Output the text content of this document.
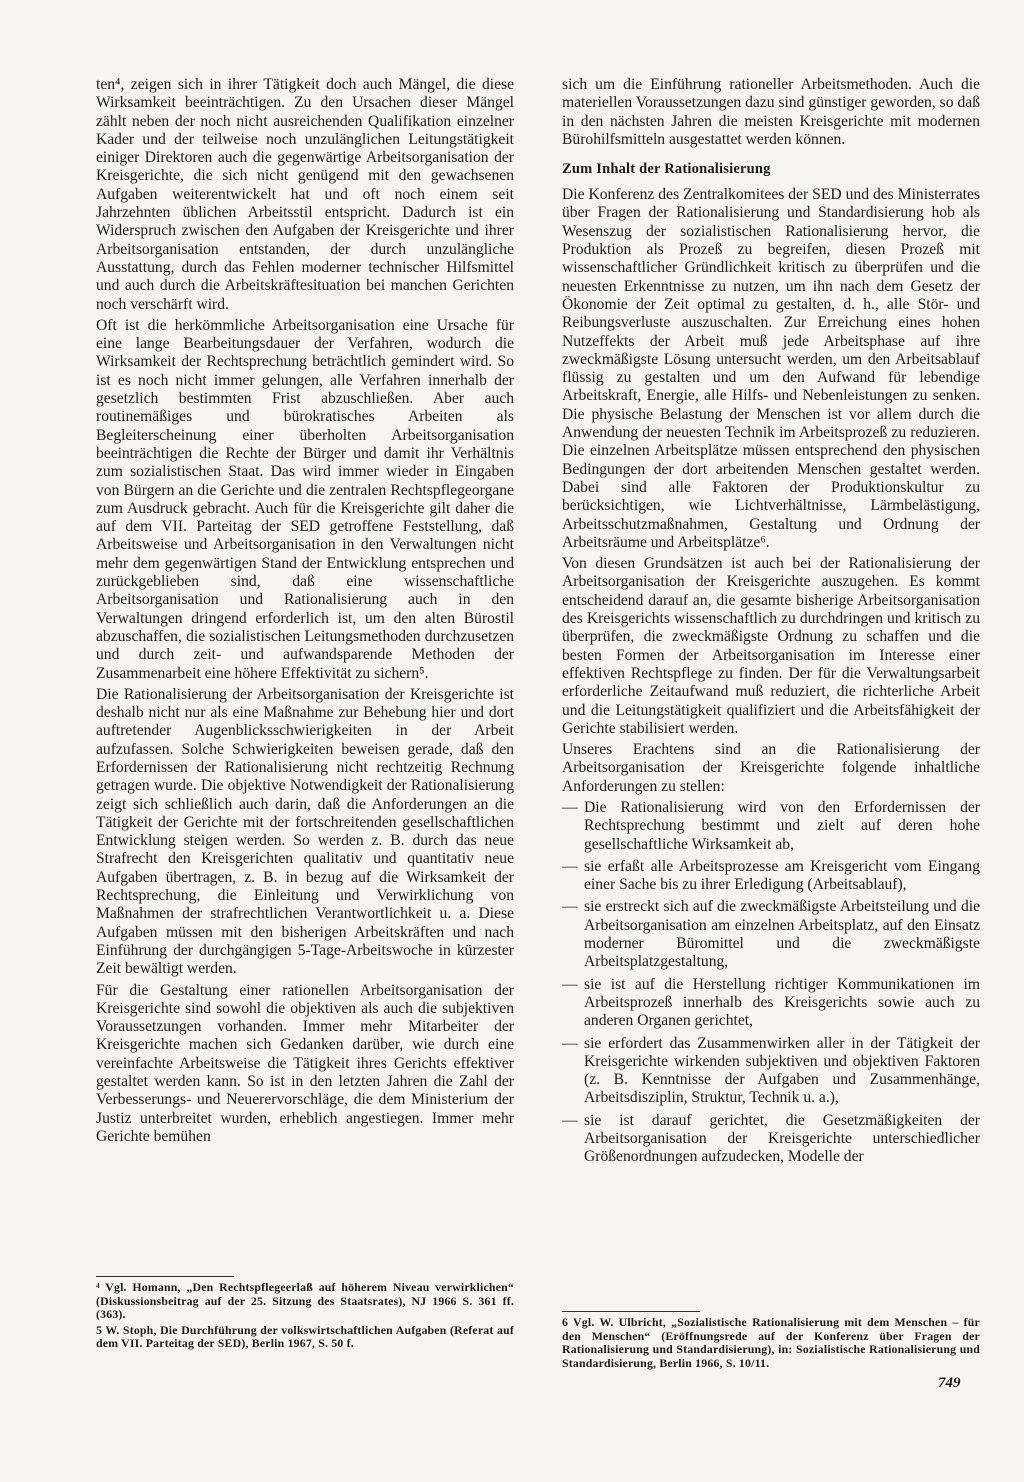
ten⁴, zeigen sich in ihrer Tätigkeit doch auch Mängel, die diese Wirksamkeit beeinträchtigen. Zu den Ursachen dieser Mängel zählt neben der noch nicht ausreichenden Qualifikation einzelner Kader und der teilweise noch unzulänglichen Leitungstätigkeit einiger Direktoren auch die gegenwärtige Arbeitsorganisation der Kreisgerichte, die sich nicht genügend mit den gewachsenen Aufgaben weiterentwickelt hat und oft noch einem seit Jahrzehnten üblichen Arbeitsstil entspricht. Dadurch ist ein Widerspruch zwischen den Aufgaben der Kreisgerichte und ihrer Arbeitsorganisation entstanden, der durch unzulängliche Ausstattung, durch das Fehlen moderner technischer Hilfsmittel und auch durch die Arbeitskräftesituation bei manchen Gerichten noch verschärft wird.

Oft ist die herkömmliche Arbeitsorganisation eine Ursache für eine lange Bearbeitungsdauer der Verfahren, wodurch die Wirksamkeit der Rechtsprechung beträchtlich gemindert wird. So ist es noch nicht immer gelungen, alle Verfahren innerhalb der gesetzlich bestimmten Frist abzuschließen. Aber auch routinemäßiges und bürokratisches Arbeiten als Begleiterscheinung einer überholten Arbeitsorganisation beeinträchtigen die Rechte der Bürger und damit ihr Verhältnis zum sozialistischen Staat. Das wird immer wieder in Eingaben von Bürgern an die Gerichte und die zentralen Rechtspflegeorgane zum Ausdruck gebracht. Auch für die Kreisgerichte gilt daher die auf dem VII. Parteitag der SED getroffene Feststellung, daß Arbeitsweise und Arbeitsorganisation in den Verwaltungen nicht mehr dem gegenwärtigen Stand der Entwicklung entsprechen und zurückgeblieben sind, daß eine wissenschaftliche Arbeitsorganisation und Rationalisierung auch in den Verwaltungen dringend erforderlich ist, um den alten Bürostil abzuschaffen, die sozialistischen Leitungsmethoden durchzusetzen und durch zeit- und aufwandsparende Methoden der Zusammenarbeit eine höhere Effektivität zu sichern⁵.

Die Rationalisierung der Arbeitsorganisation der Kreisgerichte ist deshalb nicht nur als eine Maßnahme zur Behebung hier und dort auftretender Augenblicksschwierigkeiten in der Arbeit aufzufassen. Solche Schwierigkeiten beweisen gerade, daß den Erfordernissen der Rationalisierung nicht rechtzeitig Rechnung getragen wurde. Die objektive Notwendigkeit der Rationalisierung zeigt sich schließlich auch darin, daß die Anforderungen an die Tätigkeit der Gerichte mit der fortschreitenden gesellschaftlichen Entwicklung steigen werden. So werden z. B. durch das neue Strafrecht den Kreisgerichten qualitativ und quantitativ neue Aufgaben übertragen, z. B. in bezug auf die Wirksamkeit der Rechtsprechung, die Einleitung und Verwirklichung von Maßnahmen der strafrechtlichen Verantwortlichkeit u. a. Diese Aufgaben müssen mit den bisherigen Arbeitskräften und nach Einführung der durchgängigen 5-Tage-Arbeitswoche in kürzester Zeit bewältigt werden.

Für die Gestaltung einer rationellen Arbeitsorganisation der Kreisgerichte sind sowohl die objektiven als auch die subjektiven Voraussetzungen vorhanden. Immer mehr Mitarbeiter der Kreisgerichte machen sich Gedanken darüber, wie durch eine vereinfachte Arbeitsweise die Tätigkeit ihres Gerichts effektiver gestaltet werden kann. So ist in den letzten Jahren die Zahl der Verbesserungs- und Neuerervorschläge, die dem Ministerium der Justiz unterbreitet wurden, erheblich angestiegen. Immer mehr Gerichte bemühen

⁴ Vgl. Homann, „Den Rechtspflegeerlaß auf höherem Niveau verwirklichen“ (Diskussionsbeitrag auf der 25. Sitzung des Staatsrates), NJ 1966 S. 361 ff. (363).

5 W. Stoph, Die Durchführung der volkswirtschaftlichen Aufgaben (Referat auf dem VII. Parteitag der SED), Berlin 1967, S. 50 f.

sich um die Einführung rationeller Arbeitsmethoden. Auch die materiellen Voraussetzungen dazu sind günstiger geworden, so daß in den nächsten Jahren die meisten Kreisgerichte mit modernen Bürohilfsmitteln ausgestattet werden können.

Zum Inhalt der Rationalisierung

Die Konferenz des Zentralkomitees der SED und des Ministerrates über Fragen der Rationalisierung und Standardisierung hob als Wesenszug der sozialistischen Rationalisierung hervor, die Produktion als Prozeß zu begreifen, diesen Prozeß mit wissenschaftlicher Gründlichkeit kritisch zu überprüfen und die neuesten Erkenntnisse zu nutzen, um ihn nach dem Gesetz der Ökonomie der Zeit optimal zu gestalten, d. h., alle Stör- und Reibungsverluste auszuschalten. Zur Erreichung eines hohen Nutzeffekts der Arbeit muß jede Arbeitsphase auf ihre zweckmäßigste Lösung untersucht werden, um den Arbeitsablauf flüssig zu gestalten und um den Aufwand für lebendige Arbeitskraft, Energie, alle Hilfs- und Nebenleistungen zu senken. Die physische Belastung der Menschen ist vor allem durch die Anwendung der neuesten Technik im Arbeitsprozeß zu reduzieren. Die einzelnen Arbeitsplätze müssen entsprechend den physischen Bedingungen der dort arbeitenden Menschen gestaltet werden. Dabei sind alle Faktoren der Produktionskultur zu berücksichtigen, wie Lichtverhältnisse, Lärmbelästigung, Arbeitsschutzmaßnahmen, Gestaltung und Ordnung der Arbeitsräume und Arbeitsplätze⁶.

Von diesen Grundsätzen ist auch bei der Rationalisierung der Arbeitsorganisation der Kreisgerichte auszugehen. Es kommt entscheidend darauf an, die gesamte bisherige Arbeitsorganisation des Kreisgerichts wissenschaftlich zu durchdringen und kritisch zu überprüfen, die zweckmäßigste Ordnung zu schaffen und die besten Formen der Arbeitsorganisation im Interesse einer effektiven Rechtspflege zu finden. Der für die Verwaltungsarbeit erforderliche Zeitaufwand muß reduziert, die richterliche Arbeit und die Leitungstätigkeit qualifiziert und die Arbeitsfähigkeit der Gerichte stabilisiert werden.

Unseres Erachtens sind an die Rationalisierung der Arbeitsorganisation der Kreisgerichte folgende inhaltliche Anforderungen zu stellen:

— Die Rationalisierung wird von den Erfordernissen der Rechtsprechung bestimmt und zielt auf deren hohe gesellschaftliche Wirksamkeit ab,
— sie erfaßt alle Arbeitsprozesse am Kreisgericht vom Eingang einer Sache bis zu ihrer Erledigung (Arbeitsablauf),
— sie erstreckt sich auf die zweckmäßigste Arbeitsteilung und die Arbeitsorganisation am einzelnen Arbeitsplatz, auf den Einsatz moderner Büromittel und die zweckmäßigste Arbeitsplatzgestaltung,
— sie ist auf die Herstellung richtiger Kommunikationen im Arbeitsprozeß innerhalb des Kreisgerichts sowie auch zu anderen Organen gerichtet,
— sie erfordert das Zusammenwirken aller in der Tätigkeit der Kreisgerichte wirkenden subjektiven und objektiven Faktoren (z. B. Kenntnisse der Aufgaben und Zusammenhänge, Arbeitsdisziplin, Struktur, Technik u. a.),
— sie ist darauf gerichtet, die Gesetzmäßigkeiten der Arbeitsorganisation der Kreisgerichte unterschiedlicher Größenordnungen aufzudecken, Modelle der

6 Vgl. W. Ulbricht, „Sozialistische Rationalisierung mit dem Menschen – für den Menschen“ (Eröffnungsrede auf der Konferenz über Fragen der Rationalisierung und Standardisierung), in: Sozialistische Rationalisierung und Standardisierung, Berlin 1966, S. 10/11.

749
